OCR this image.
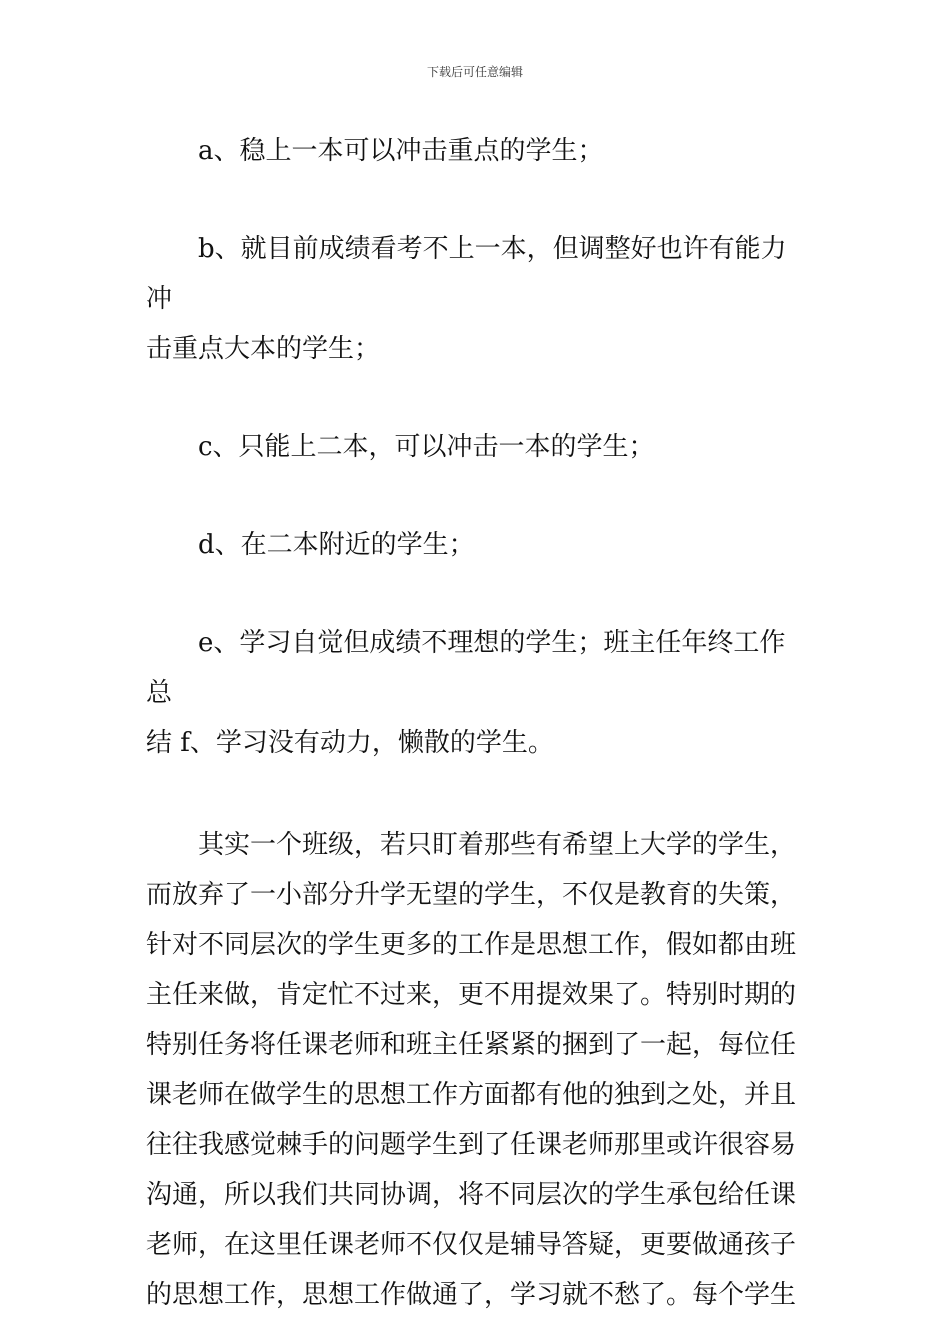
下载后可任意编辑

a、稳上一本可以冲击重点的学生；

b、就目前成绩看考不上一本，但调整好也许有能力冲
击重点大本的学生；

c、只能上二本，可以冲击一本的学生；

d、在二本附近的学生；

e、学习自觉但成绩不理想的学生；班主任年终工作总
结 f、学习没有动力，懒散的学生。

其实一个班级，若只盯着那些有希望上大学的学生，
而放弃了一小部分升学无望的学生，不仅是教育的失策，
针对不同层次的学生更多的工作是思想工作，假如都由班
主任来做，肯定忙不过来，更不用提效果了。特别时期的
特别任务将任课老师和班主任紧紧的捆到了一起，每位任
课老师在做学生的思想工作方面都有他的独到之处，并且
往往我感觉棘手的问题学生到了任课老师那里或许很容易
沟通，所以我们共同协调，将不同层次的学生承包给任课
老师，在这里任课老师不仅仅是辅导答疑，更要做通孩子
的思想工作，思想工作做通了，学习就不愁了。每个学生
